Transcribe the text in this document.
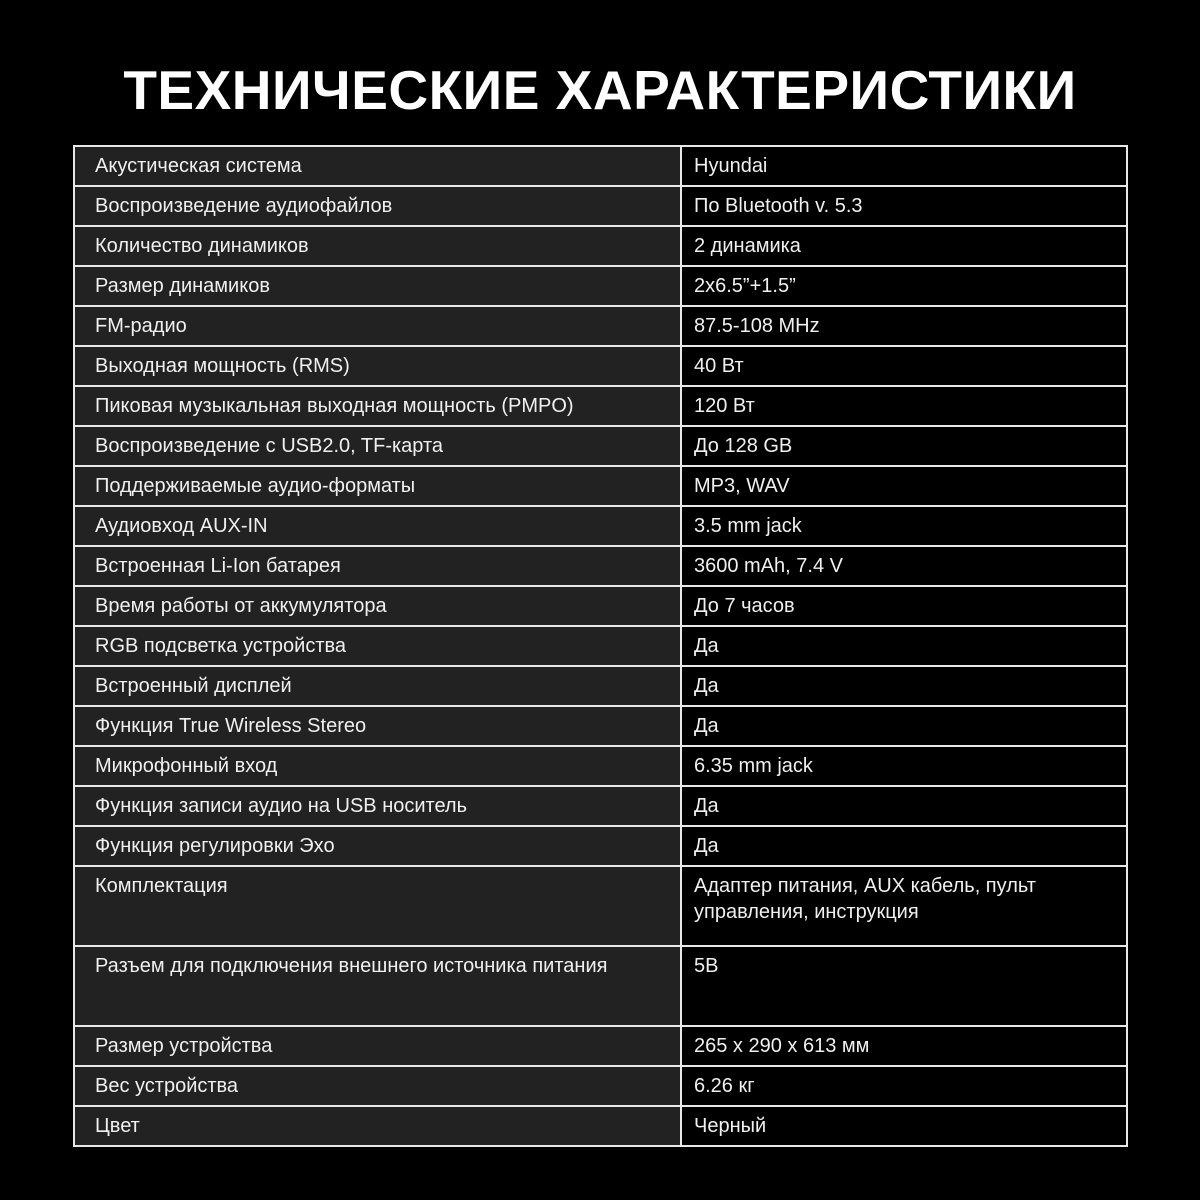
ТЕХНИЧЕСКИЕ ХАРАКТЕРИСТИКИ
Акустическая система	Hyundai
Воспроизведение аудиофайлов	По Bluetooth v. 5.3
Количество динамиков	2 динамика
Размер динамиков	2x6.5”+1.5”
FM-радио	87.5-108 MHz
Выходная мощность (RMS)	40 Вт
Пиковая музыкальная выходная мощность (PMPO)	120 Вт
Воспроизведение с USB2.0, TF-карта	До 128 GB
Поддерживаемые аудио-форматы	MP3, WAV
Аудиовход AUX-IN	3.5 mm jack
Встроенная Li-Ion батарея	3600 mAh, 7.4 V
Время работы от аккумулятора	До 7 часов
RGB подсветка устройства	Да
Встроенный дисплей	Да
Функция True Wireless Stereo	Да
Микрофонный вход	6.35 mm jack
Функция записи аудио на USB носитель	Да
Функция регулировки Эхо	Да
Комплектация	Адаптер питания, AUX кабель, пульт управления, инструкция
Разъем для подключения внешнего источника питания	5В
Размер устройства	265 x 290 x 613 мм
Вес устройства	6.26 кг
Цвет	Черный
